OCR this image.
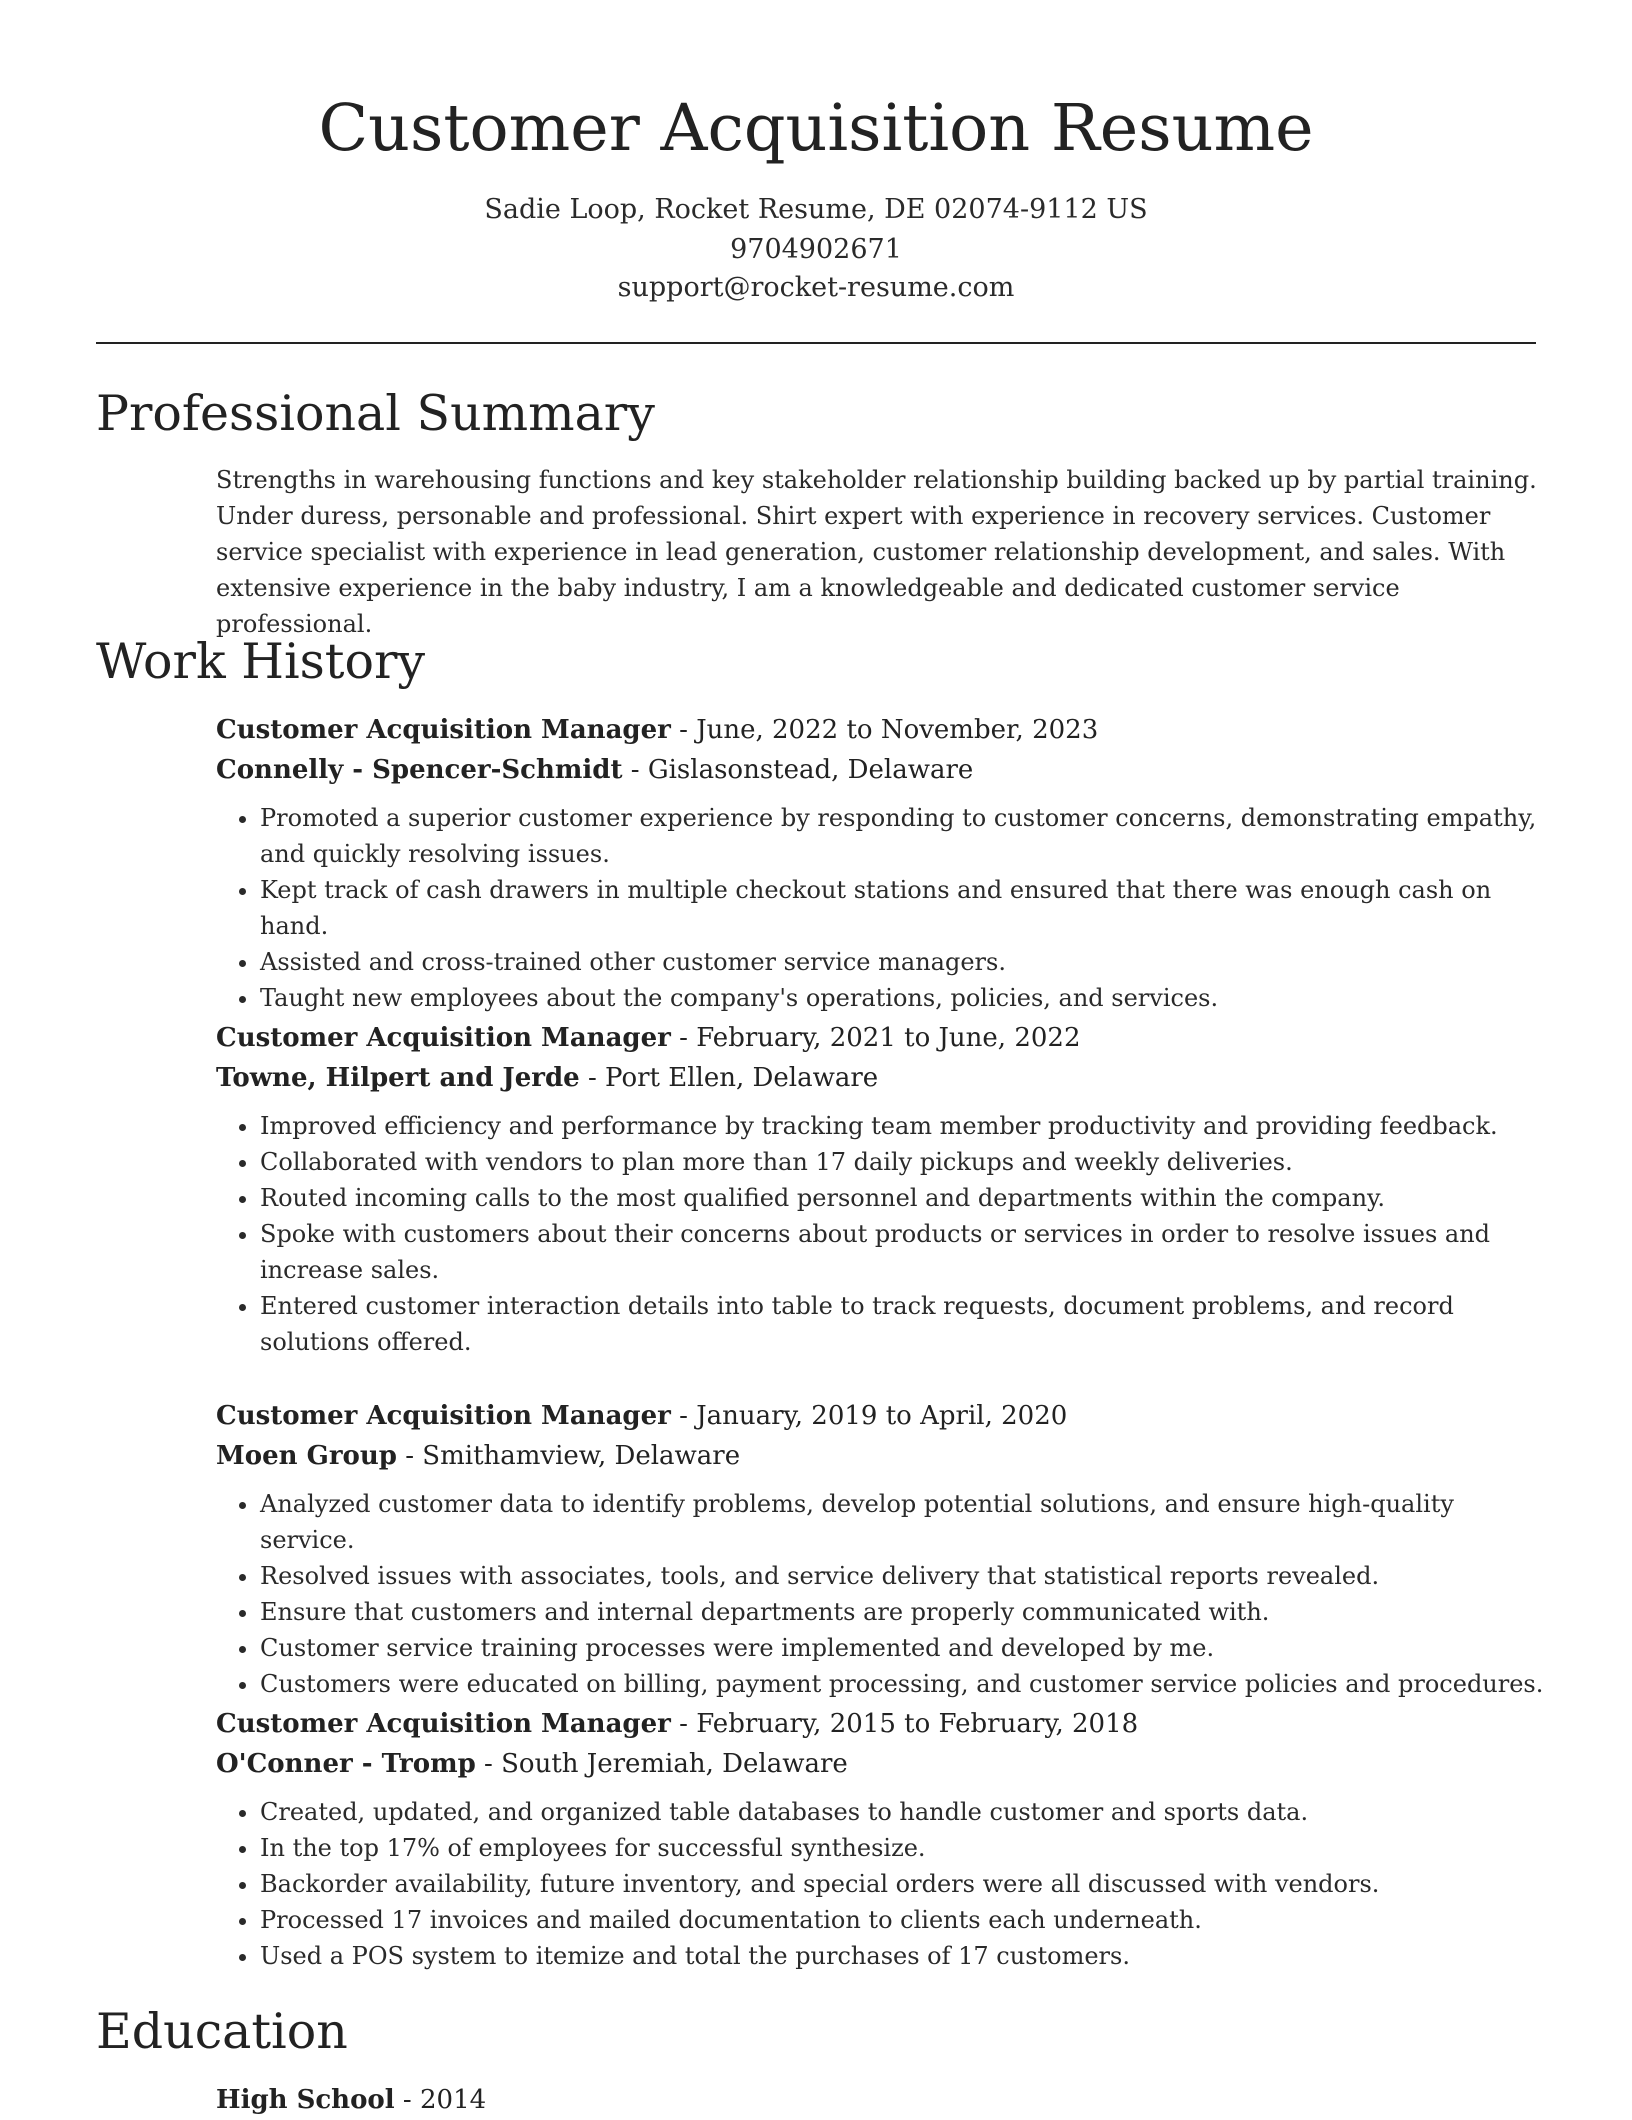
Customer Acquisition Resume
Sadie Loop, Rocket Resume, DE 02074-9112 US
9704902671
support@rocket-resume.com
Professional Summary

Strengths in warehousing functions and key stakeholder relationship building backed up by partial training. Under duress, personable and professional. Shirt expert with experience in recovery services. Customer service specialist with experience in lead generation, customer relationship development, and sales. With extensive experience in the baby industry, I am a knowledgeable and dedicated customer service professional.

Work History
Customer Acquisition Manager - June, 2022 to November, 2023
Connelly - Spencer-Schmidt - Gislasonstead, Delaware
• Promoted a superior customer experience by responding to customer concerns, demonstrating empathy, and quickly resolving issues.
• Kept track of cash drawers in multiple checkout stations and ensured that there was enough cash on hand.
• Assisted and cross-trained other customer service managers.
• Taught new employees about the company's operations, policies, and services.
Customer Acquisition Manager - February, 2021 to June, 2022
Towne, Hilpert and Jerde - Port Ellen, Delaware
• Improved efficiency and performance by tracking team member productivity and providing feedback.
• Collaborated with vendors to plan more than 17 daily pickups and weekly deliveries.
• Routed incoming calls to the most qualified personnel and departments within the company.
• Spoke with customers about their concerns about products or services in order to resolve issues and increase sales.
• Entered customer interaction details into table to track requests, document problems, and record solutions offered.
Customer Acquisition Manager - January, 2019 to April, 2020
Moen Group - Smithamview, Delaware
• Analyzed customer data to identify problems, develop potential solutions, and ensure high-quality service.
• Resolved issues with associates, tools, and service delivery that statistical reports revealed.
• Ensure that customers and internal departments are properly communicated with.
• Customer service training processes were implemented and developed by me.
• Customers were educated on billing, payment processing, and customer service policies and procedures.
Customer Acquisition Manager - February, 2015 to February, 2018
O'Conner - Tromp - South Jeremiah, Delaware
• Created, updated, and organized table databases to handle customer and sports data.
• In the top 17% of employees for successful synthesize.
• Backorder availability, future inventory, and special orders were all discussed with vendors.
• Processed 17 invoices and mailed documentation to clients each underneath.
• Used a POS system to itemize and total the purchases of 17 customers.
Education
High School - 2014
